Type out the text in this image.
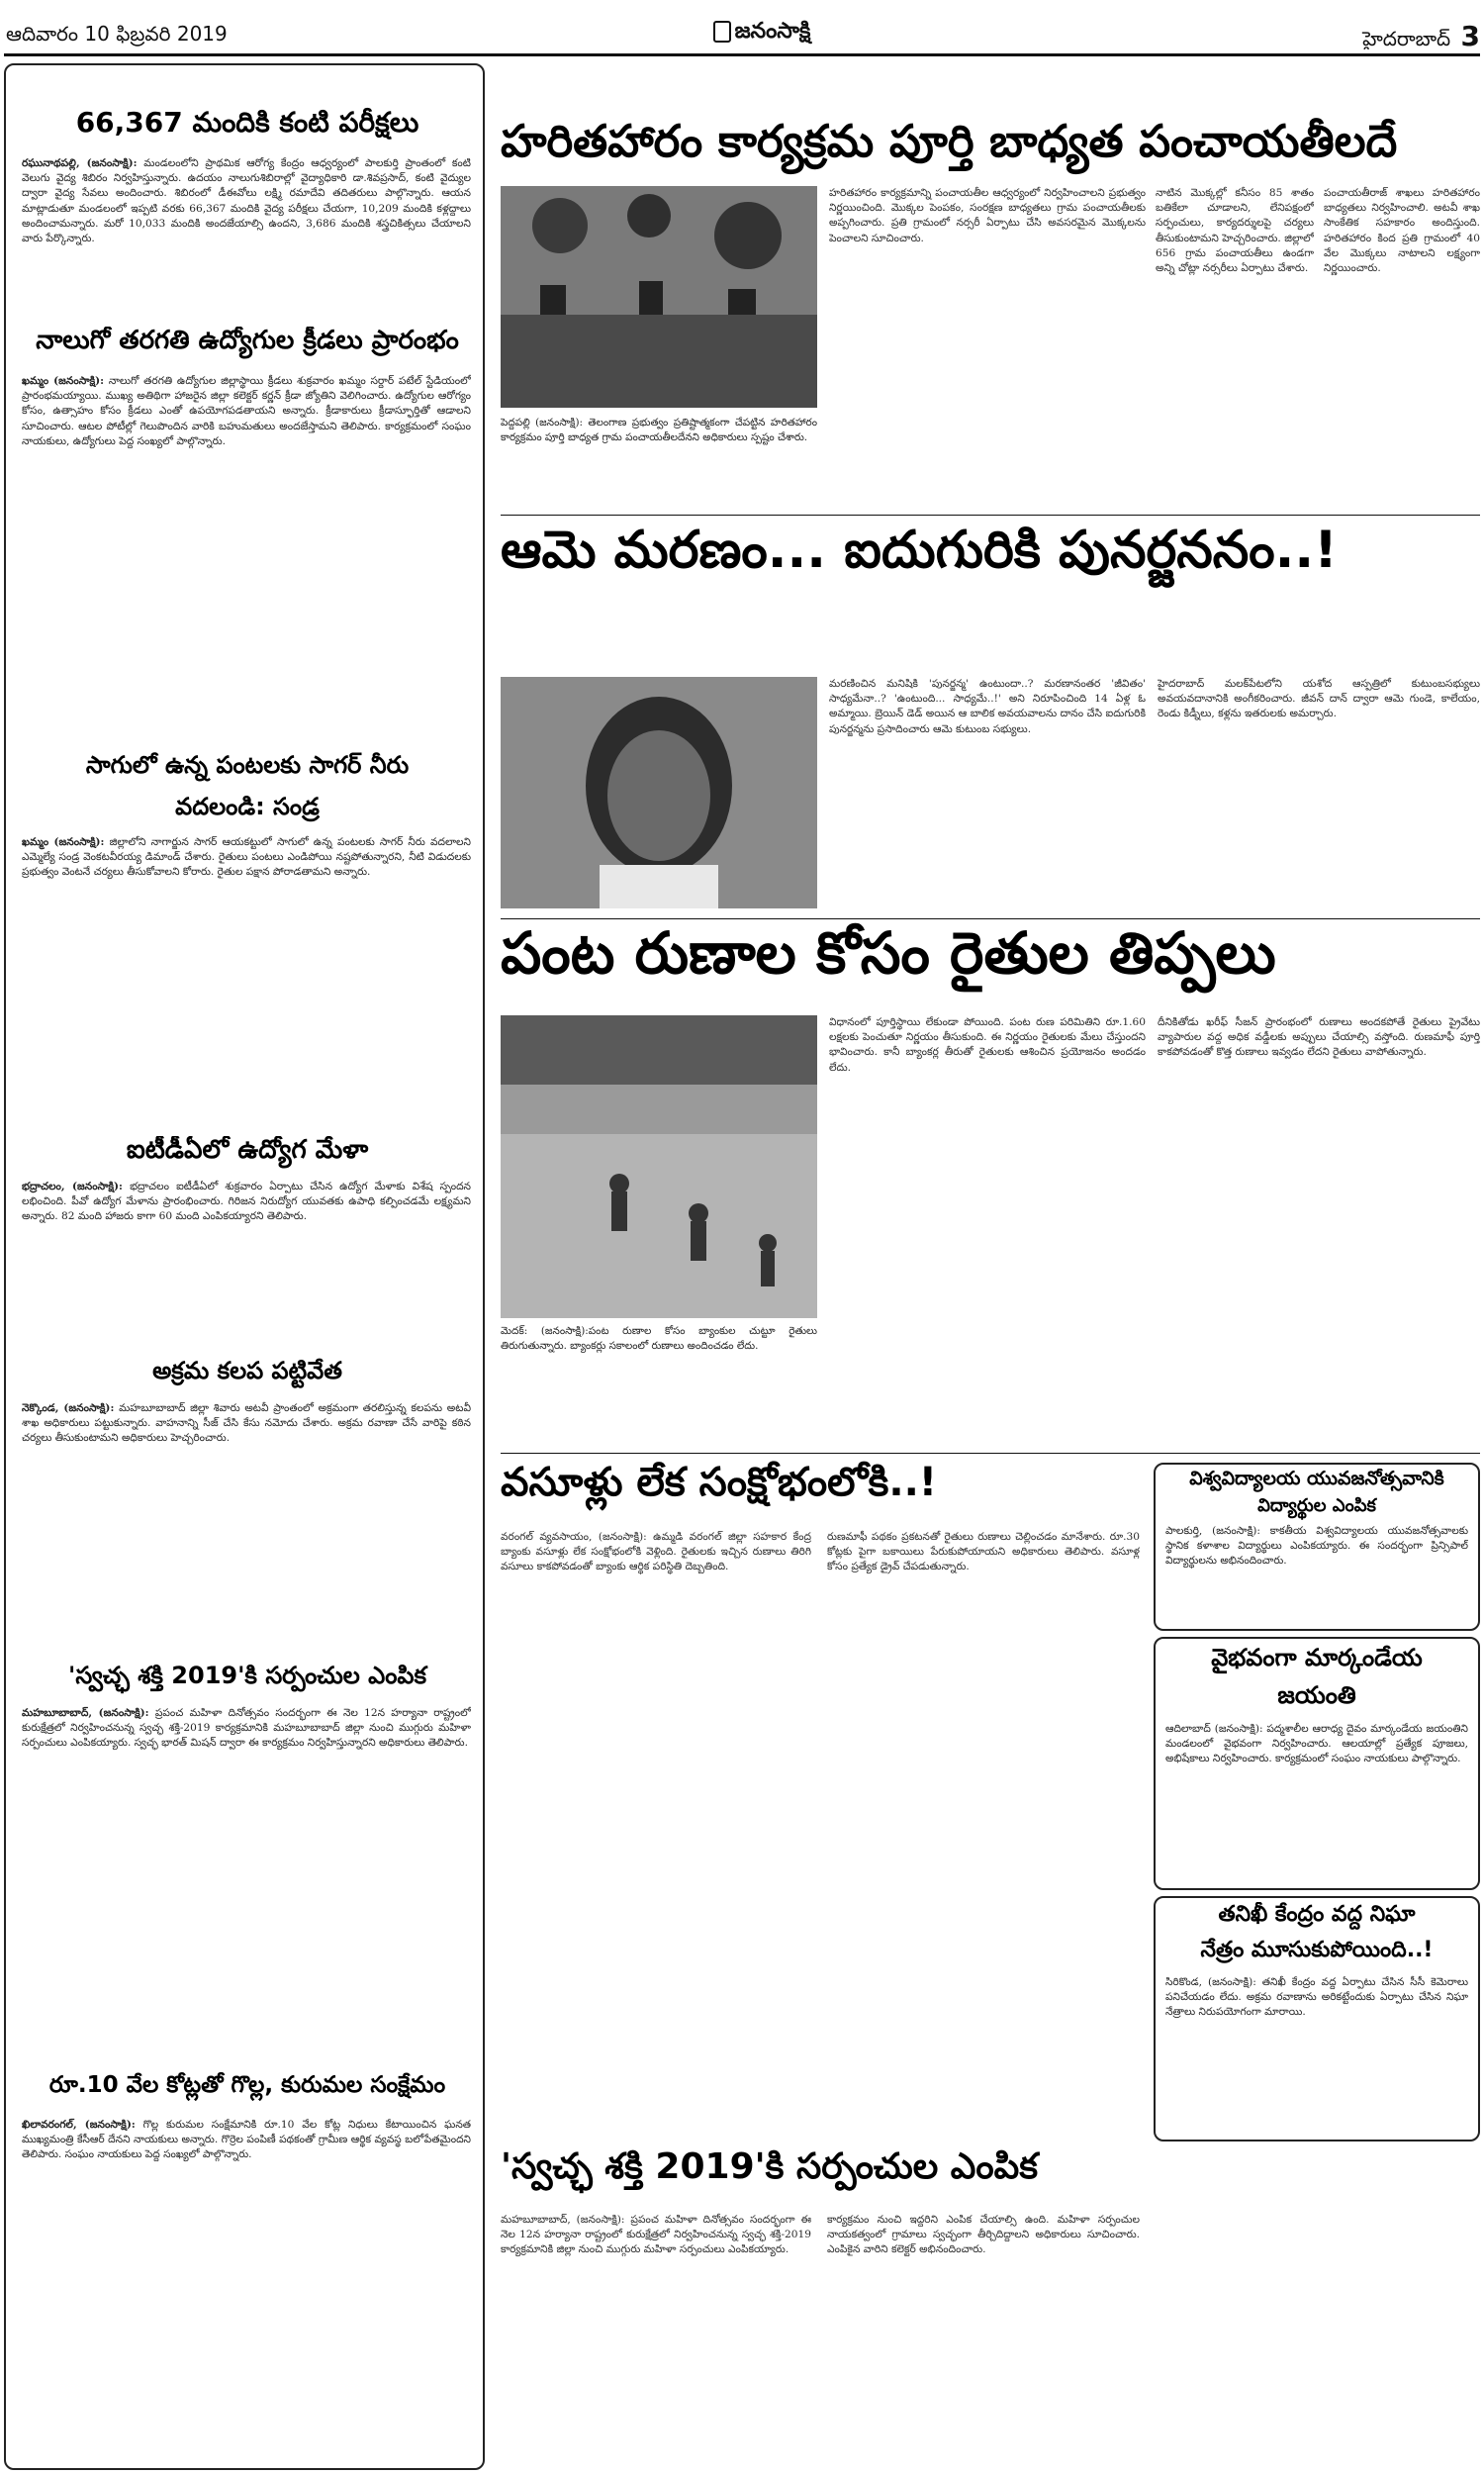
ఆదివారం 10 ఫిబ్రవరి 2019	జనంసాక్షి	హైదరాబాద్ 3
66,367 మందికి కంటి పరీక్షలు
రఘునాథపల్లి, (జనంసాక్షి): మండలంలోని ప్రాథమిక ఆరోగ్య కేంద్రం ఆధ్వర్యంలో పాలకుర్తి ప్రాంతంలో కంటి వెలుగు వైద్య శిబిరం నిర్వహిస్తున్నారు. ఉదయం నాలుగుశిబిరాల్లో వైద్యాధికారి డా.శివప్రసాద్, కంటి వైద్యుల ద్వారా వైద్య సేవలు అందించారు. శిబిరంలో డీఈవోలు లక్ష్మి రమాదేవి తదితరులు పాల్గొన్నారు. ఆయన మాట్లాడుతూ మండలంలో ఇప్పటి వరకు 66,367 మందికి వైద్య పరీక్షలు చేయగా, 10,209 మందికి కళ్లద్దాలు అందించామన్నారు. మరో 10,033 మందికి అందజేయాల్సి ఉందని, 3,686 మందికి శస్త్రచికిత్సలు చేయాలని వారు పేర్కొన్నారు.
నాలుగో తరగతి ఉద్యోగుల క్రీడలు ప్రారంభం
ఖమ్మం (జనంసాక్షి): నాలుగో తరగతి ఉద్యోగుల జిల్లాస్థాయి క్రీడలు శుక్రవారం ఖమ్మం సర్దార్ పటేల్ స్టేడియంలో ప్రారంభమయ్యాయి. ముఖ్య అతిథిగా హాజరైన జిల్లా కలెక్టర్ కర్ణన్ క్రీడా జ్యోతిని వెలిగించారు. ఉద్యోగుల ఆరోగ్యం కోసం, ఉత్సాహం కోసం క్రీడలు ఎంతో ఉపయోగపడతాయని అన్నారు. క్రీడాకారులు క్రీడాస్ఫూర్తితో ఆడాలని సూచించారు. ఆటల పోటీల్లో గెలుపొందిన వారికి బహుమతులు అందజేస్తామని తెలిపారు. కార్యక్రమంలో సంఘం నాయకులు, ఉద్యోగులు పెద్ద సంఖ్యలో పాల్గొన్నారు.
సాగులో ఉన్న పంటలకు సాగర్ నీరు
వదలండి: సండ్ర
ఖమ్మం (జనంసాక్షి): జిల్లాలోని నాగార్జున సాగర్ ఆయకట్టులో సాగులో ఉన్న పంటలకు సాగర్ నీరు వదలాలని ఎమ్మెల్యే సండ్ర వెంకటవీరయ్య డిమాండ్ చేశారు. రైతులు పంటలు ఎండిపోయి నష్టపోతున్నారని, నీటి విడుదలకు ప్రభుత్వం వెంటనే చర్యలు తీసుకోవాలని కోరారు. రైతుల పక్షాన పోరాడతామని అన్నారు.
ఐటీడీఏలో ఉద్యోగ మేళా
భద్రాచలం, (జనంసాక్షి): భద్రాచలం ఐటీడీఏలో శుక్రవారం ఏర్పాటు చేసిన ఉద్యోగ మేళాకు విశేష స్పందన లభించింది. పీవో ఉద్యోగ మేళాను ప్రారంభించారు. గిరిజన నిరుద్యోగ యువతకు ఉపాధి కల్పించడమే లక్ష్యమని అన్నారు. 82 మంది హాజరు కాగా 60 మంది ఎంపికయ్యారని తెలిపారు.
అక్రమ కలప పట్టివేత
నెక్కొండ, (జనంసాక్షి): మహబూబాబాద్ జిల్లా శివారు అటవీ ప్రాంతంలో అక్రమంగా తరలిస్తున్న కలపను అటవీ శాఖ అధికారులు పట్టుకున్నారు. వాహనాన్ని సీజ్ చేసి కేసు నమోదు చేశారు. అక్రమ రవాణా చేసే వారిపై కఠిన చర్యలు తీసుకుంటామని అధికారులు హెచ్చరించారు.
'స్వచ్ఛ శక్తి 2019'కి సర్పంచుల ఎంపిక
మహబూబాబాద్, (జనంసాక్షి): ప్రపంచ మహిళా దినోత్సవం సందర్భంగా ఈ నెల 12న హర్యానా రాష్ట్రంలో కురుక్షేత్రలో నిర్వహించనున్న స్వచ్ఛ శక్తి-2019 కార్యక్రమానికి మహబూబాబాద్ జిల్లా నుంచి ముగ్గురు మహిళా సర్పంచులు ఎంపికయ్యారు. స్వచ్ఛ భారత్ మిషన్ ద్వారా ఈ కార్యక్రమం నిర్వహిస్తున్నారని అధికారులు తెలిపారు.
రూ.10 వేల కోట్లతో గొల్ల, కురుమల సంక్షేమం
ఖిలావరంగల్, (జనంసాక్షి): గొల్ల కురుమల సంక్షేమానికి రూ.10 వేల కోట్ల నిధులు కేటాయించిన ఘనత ముఖ్యమంత్రి కేసీఆర్ దేనని నాయకులు అన్నారు. గొర్రెల పంపిణీ పథకంతో గ్రామీణ ఆర్థిక వ్యవస్థ బలోపేతమైందని తెలిపారు. సంఘం నాయకులు పెద్ద సంఖ్యలో పాల్గొన్నారు.
హరితహారం కార్యక్రమ పూర్తి బాధ్యత పంచాయతీలదే
పెద్దపల్లి (జనంసాక్షి): తెలంగాణ ప్రభుత్వం ప్రతిష్టాత్మకంగా చేపట్టిన హరితహారం కార్యక్రమం పూర్తి బాధ్యత గ్రామ పంచాయతీలదేనని అధికారులు స్పష్టం చేశారు.
హరితహారం కార్యక్రమాన్ని పంచాయతీల ఆధ్వర్యంలో నిర్వహించాలని ప్రభుత్వం నిర్ణయించింది. మొక్కల పెంపకం, సంరక్షణ బాధ్యతలు గ్రామ పంచాయతీలకు అప్పగించారు. ప్రతి గ్రామంలో నర్సరీ ఏర్పాటు చేసి అవసరమైన మొక్కలను పెంచాలని సూచించారు.
నాటిన మొక్కల్లో కనీసం 85 శాతం బతికేలా చూడాలని, లేనిపక్షంలో సర్పంచులు, కార్యదర్శులపై చర్యలు తీసుకుంటామని హెచ్చరించారు. జిల్లాలో 656 గ్రామ పంచాయతీలు ఉండగా అన్ని చోట్లా నర్సరీలు ఏర్పాటు చేశారు.
పంచాయతీరాజ్ శాఖలు హరితహారం బాధ్యతలు నిర్వహించాలి. అటవీ శాఖ సాంకేతిక సహకారం అందిస్తుంది. హరితహారం కింద ప్రతి గ్రామంలో 40 వేల మొక్కలు నాటాలని లక్ష్యంగా నిర్ణయించారు.
ఆమె మరణం... ఐదుగురికి పునర్జననం..!
మరణించిన మనిషికి 'పునర్జన్మ' ఉంటుందా..? మరణానంతర 'జీవితం' సాధ్యమేనా..? 'ఉంటుంది... సాధ్యమే..!' అని నిరూపించింది 14 ఏళ్ల ఓ అమ్మాయి. బ్రెయిన్ డెడ్ అయిన ఆ బాలిక అవయవాలను దానం చేసి ఐదుగురికి పునర్జన్మను ప్రసాదించారు ఆమె కుటుంబ సభ్యులు.
హైదరాబాద్ మలక్‌పేటలోని యశోద ఆస్పత్రిలో కుటుంబసభ్యులు అవయవదానానికి అంగీకరించారు. జీవన్ దాన్ ద్వారా ఆమె గుండె, కాలేయం, రెండు కిడ్నీలు, కళ్లను ఇతరులకు అమర్చారు.
పంట రుణాల కోసం రైతుల తిప్పలు
మెదక్: (జనంసాక్షి):పంట రుణాల కోసం బ్యాంకుల చుట్టూ రైతులు తిరుగుతున్నారు. బ్యాంకర్లు సకాలంలో రుణాలు అందించడం లేదు.
విధానంలో పూర్తిస్థాయి లేకుండా పోయింది. పంట రుణ పరిమితిని రూ.1.60 లక్షలకు పెంచుతూ నిర్ణయం తీసుకుంది. ఈ నిర్ణయం రైతులకు మేలు చేస్తుందని భావించారు. కానీ బ్యాంకర్ల తీరుతో రైతులకు ఆశించిన ప్రయోజనం అందడం లేదు.
దీనికితోడు ఖరీఫ్ సీజన్ ప్రారంభంలో రుణాలు అందకపోతే రైతులు ప్రైవేటు వ్యాపారుల వద్ద అధిక వడ్డీలకు అప్పులు చేయాల్సి వస్తోంది. రుణమాఫీ పూర్తి కాకపోవడంతో కొత్త రుణాలు ఇవ్వడం లేదని రైతులు వాపోతున్నారు.
వసూళ్లు లేక సంక్షోభంలోకి..!
వరంగల్ వ్యవసాయం, (జనంసాక్షి): ఉమ్మడి వరంగల్ జిల్లా సహకార కేంద్ర బ్యాంకు వసూళ్లు లేక సంక్షోభంలోకి వెళ్లింది. రైతులకు ఇచ్చిన రుణాలు తిరిగి వసూలు కాకపోవడంతో బ్యాంకు ఆర్థిక పరిస్థితి దెబ్బతింది.
రుణమాఫీ పథకం ప్రకటనతో రైతులు రుణాలు చెల్లించడం మానేశారు. రూ.30 కోట్లకు పైగా బకాయిలు పేరుకుపోయాయని అధికారులు తెలిపారు. వసూళ్ల కోసం ప్రత్యేక డ్రైవ్ చేపడుతున్నారు.
విశ్వవిద్యాలయ యువజనోత్సవానికి
విద్యార్థుల ఎంపిక
పాలకుర్తి, (జనంసాక్షి): కాకతీయ విశ్వవిద్యాలయ యువజనోత్సవాలకు స్థానిక కళాశాల విద్యార్థులు ఎంపికయ్యారు. ఈ సందర్భంగా ప్రిన్సిపాల్ విద్యార్థులను అభినందించారు.
వైభవంగా మార్కండేయ
జయంతి
ఆదిలాబాద్ (జనంసాక్షి): పద్మశాలీల ఆరాధ్య దైవం మార్కండేయ జయంతిని మండలంలో వైభవంగా నిర్వహించారు. ఆలయాల్లో ప్రత్యేక పూజలు, అభిషేకాలు నిర్వహించారు. కార్యక్రమంలో సంఘం నాయకులు పాల్గొన్నారు.
తనిఖీ కేంద్రం వద్ద నిఘా
నేత్రం మూసుకుపోయింది..!
సిరికొండ, (జనంసాక్షి): తనిఖీ కేంద్రం వద్ద ఏర్పాటు చేసిన సీసీ కెమెరాలు పనిచేయడం లేదు. అక్రమ రవాణాను అరికట్టేందుకు ఏర్పాటు చేసిన నిఘా నేత్రాలు నిరుపయోగంగా మారాయి.
'స్వచ్ఛ శక్తి 2019'కి సర్పంచుల ఎంపిక
మహబూబాబాద్, (జనంసాక్షి): ప్రపంచ మహిళా దినోత్సవం సందర్భంగా ఈ నెల 12న హర్యానా రాష్ట్రంలో కురుక్షేత్రలో నిర్వహించనున్న స్వచ్ఛ శక్తి-2019 కార్యక్రమానికి జిల్లా నుంచి ముగ్గురు మహిళా సర్పంచులు ఎంపికయ్యారు.
కార్యక్రమం నుంచి ఇద్దరిని ఎంపిక చేయాల్సి ఉంది. మహిళా సర్పంచుల నాయకత్వంలో గ్రామాలు స్వచ్ఛంగా తీర్చిదిద్దాలని అధికారులు సూచించారు. ఎంపికైన వారిని కలెక్టర్ అభినందించారు.
